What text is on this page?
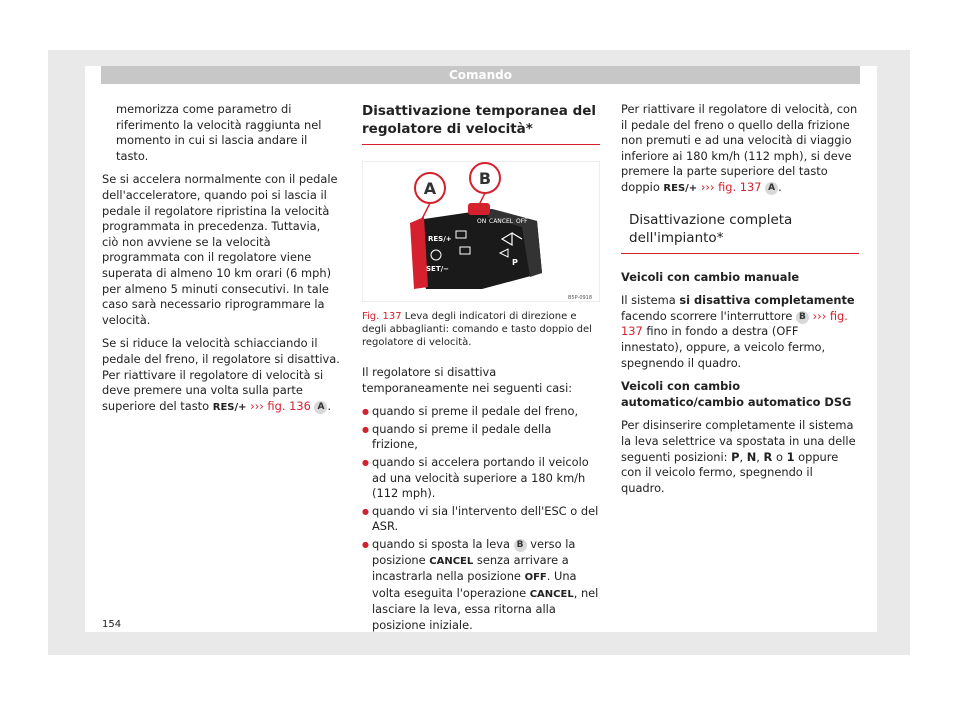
Comando

memorizza come parametro di riferimento la velocità raggiunta nel momento in cui si lascia andare il tasto.

Se si accelera normalmente con il pedale dell'acceleratore, quando poi si lascia il pedale il regolatore ripristina la velocità programmata in precedenza. Tuttavia, ciò non avviene se la velocità programmata con il regolatore viene superata di almeno 10 km orari (6 mph) per almeno 5 minuti consecutivi. In tale caso sarà necessario riprogrammare la velocità.

Se si riduce la velocità schiacciando il pedale del freno, il regolatore si disattiva. Per riattivare il regolatore di velocità si deve premere una volta sulla parte superiore del tasto RES/+ ››› fig. 136 A .

Disattivazione temporanea del regolatore di velocità*
A
B
ON CANCEL OFF
RES/+
SET/−
P
B5P-0918
Fig. 137 Leva degli indicatori di direzione e degli abbaglianti: comando e tasto doppio del regolatore di velocità.

Il regolatore si disattiva temporaneamente nei seguenti casi:

● quando si preme il pedale del freno,
● quando si preme il pedale della frizione,
● quando si accelera portando il veicolo ad una velocità superiore a 180 km/h (112 mph).
● quando vi sia l'intervento dell'ESC o del ASR.
● quando si sposta la leva B verso la posizione CANCEL senza arrivare a incastrarla nella posizione OFF. Una volta eseguita l'operazione CANCEL, nel lasciare la leva, essa ritorna alla posizione iniziale.

Per riattivare il regolatore di velocità, con il pedale del freno o quello della frizione non premuti e ad una velocità di viaggio inferiore ai 180 km/h (112 mph), si deve premere la parte superiore del tasto doppio RES/+ ››› fig. 137 A .

Disattivazione completa dell'impianto*

Veicoli con cambio manuale

Il sistema si disattiva completamente facendo scorrere l'interruttore B ››› fig. 137 fino in fondo a destra (OFF innestato), oppure, a veicolo fermo, spegnendo il quadro.

Veicoli con cambio automatico/cambio automatico DSG

Per disinserire completamente il sistema la leva selettrice va spostata in una delle seguenti posizioni: P, N, R o 1 oppure con il veicolo fermo, spegnendo il quadro.

154
